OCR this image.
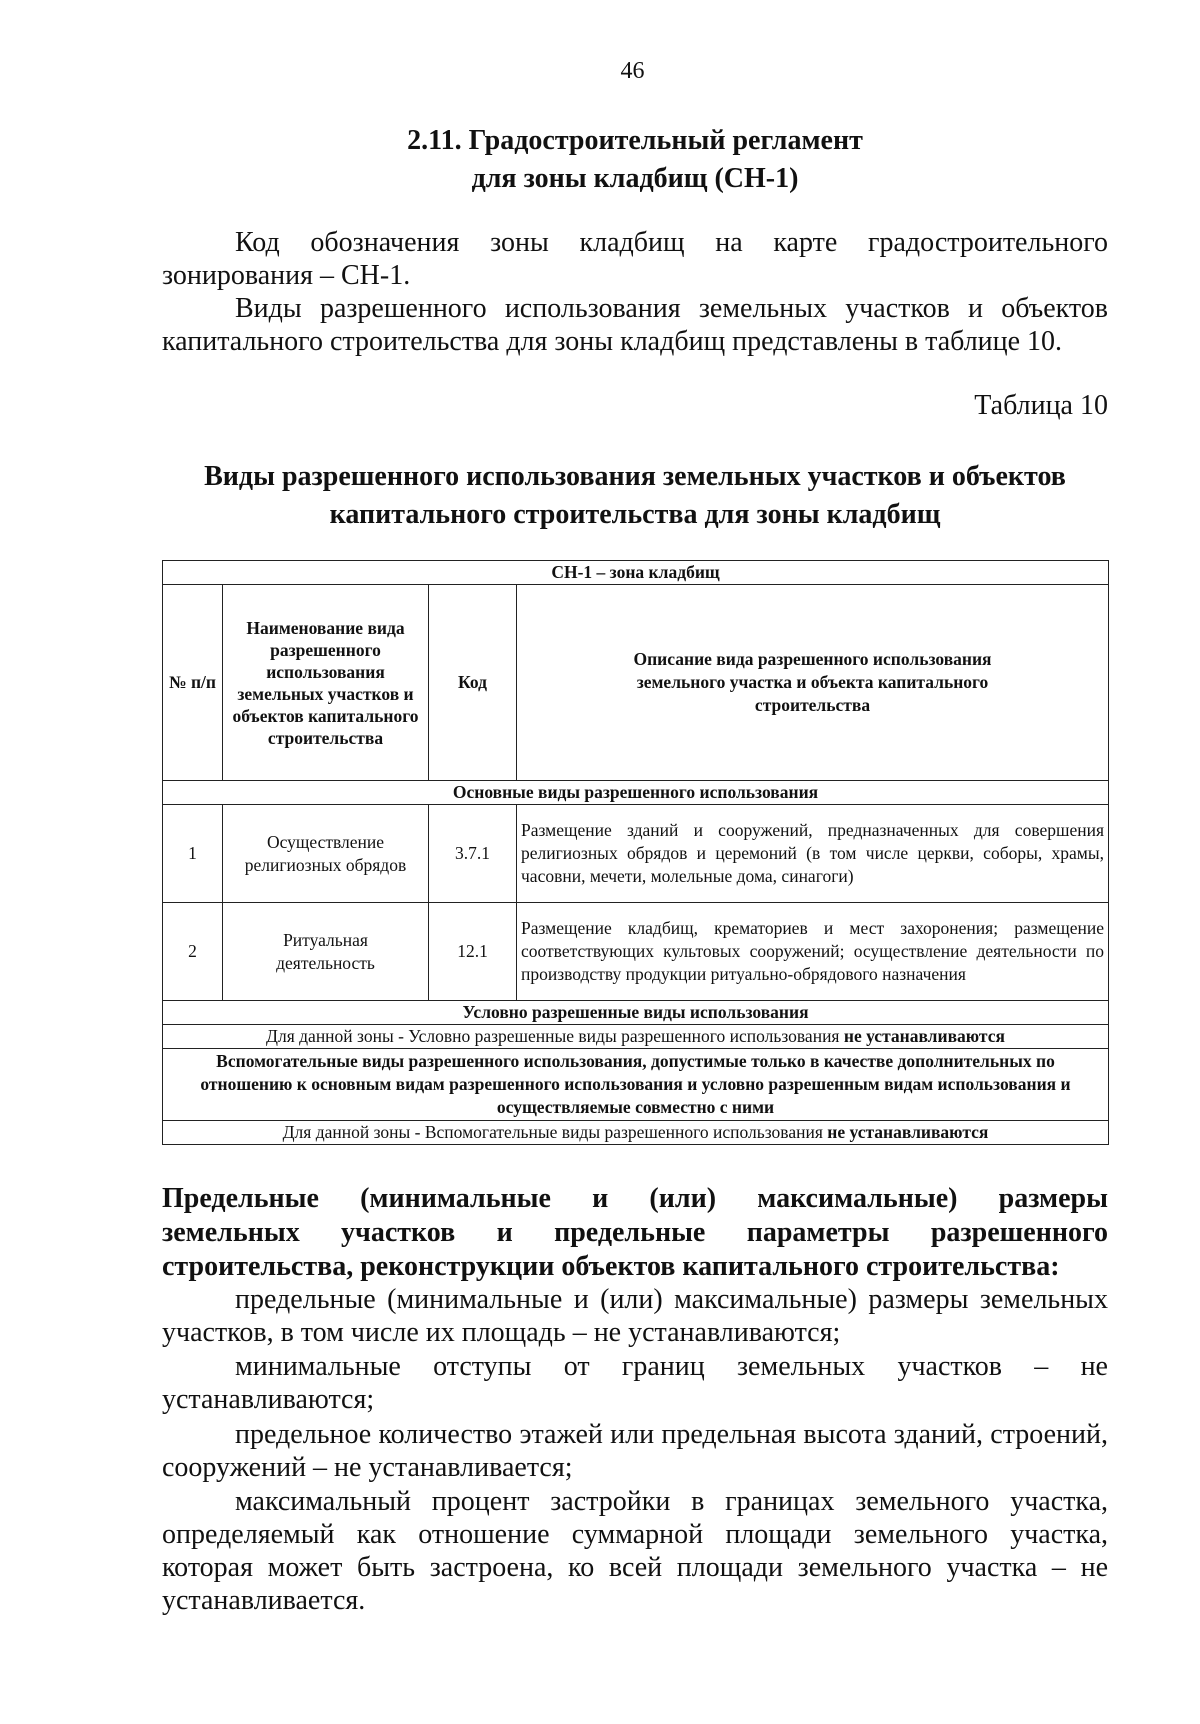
46
2.11. Градостроительный регламент
для зоны кладбищ (СН-1)
Код обозначения зоны кладбищ на карте градостроительного зонирования – СН-1.
Виды разрешенного использования земельных участков и объектов капитального строительства для зоны кладбищ представлены в таблице 10.
Таблица 10
Виды разрешенного использования земельных участков и объектов
капитального строительства для зоны кладбищ
СН-1 – зона кладбищ			
№ п/п	Наименование вида разрешенного использования земельных участков и объектов капитального строительства	Код	Описание вида разрешенного использования земельного участка и объекта капитального строительства
Основные виды разрешенного использования			
1	Осуществление религиозных обрядов	3.7.1	Размещение зданий и сооружений, предназначенных для совершения религиозных обрядов и церемоний (в том числе церкви, соборы, храмы, часовни, мечети, молельные дома, синагоги)
2	Ритуальная деятельность	12.1	Размещение кладбищ, крематориев и мест захоронения; размещение соответствующих культовых сооружений; осуществление деятельности по производству продукции ритуально-обрядового назначения
Условно разрешенные виды использования			
Для данной зоны - Условно разрешенные виды разрешенного использования не устанавливаются			
Вспомогательные виды разрешенного использования, допустимые только в качестве дополнительных по отношению к основным видам разрешенного использования и условно разрешенным видам использования и осуществляемые совместно с ними			
Для данной зоны - Вспомогательные виды разрешенного использования не устанавливаются			
Предельные (минимальные и (или) максимальные) размеры
земельных участков и предельные параметры разрешенного
строительства, реконструкции объектов капитального строительства:
предельные (минимальные и (или) максимальные) размеры земельных участков, в том числе их площадь – не устанавливаются;
минимальные отступы от границ земельных участков – не устанавливаются;
предельное количество этажей или предельная высота зданий, строений, сооружений – не устанавливается;
максимальный процент застройки в границах земельного участка, определяемый как отношение суммарной площади земельного участка, которая может быть застроена, ко всей площади земельного участка – не устанавливается.
